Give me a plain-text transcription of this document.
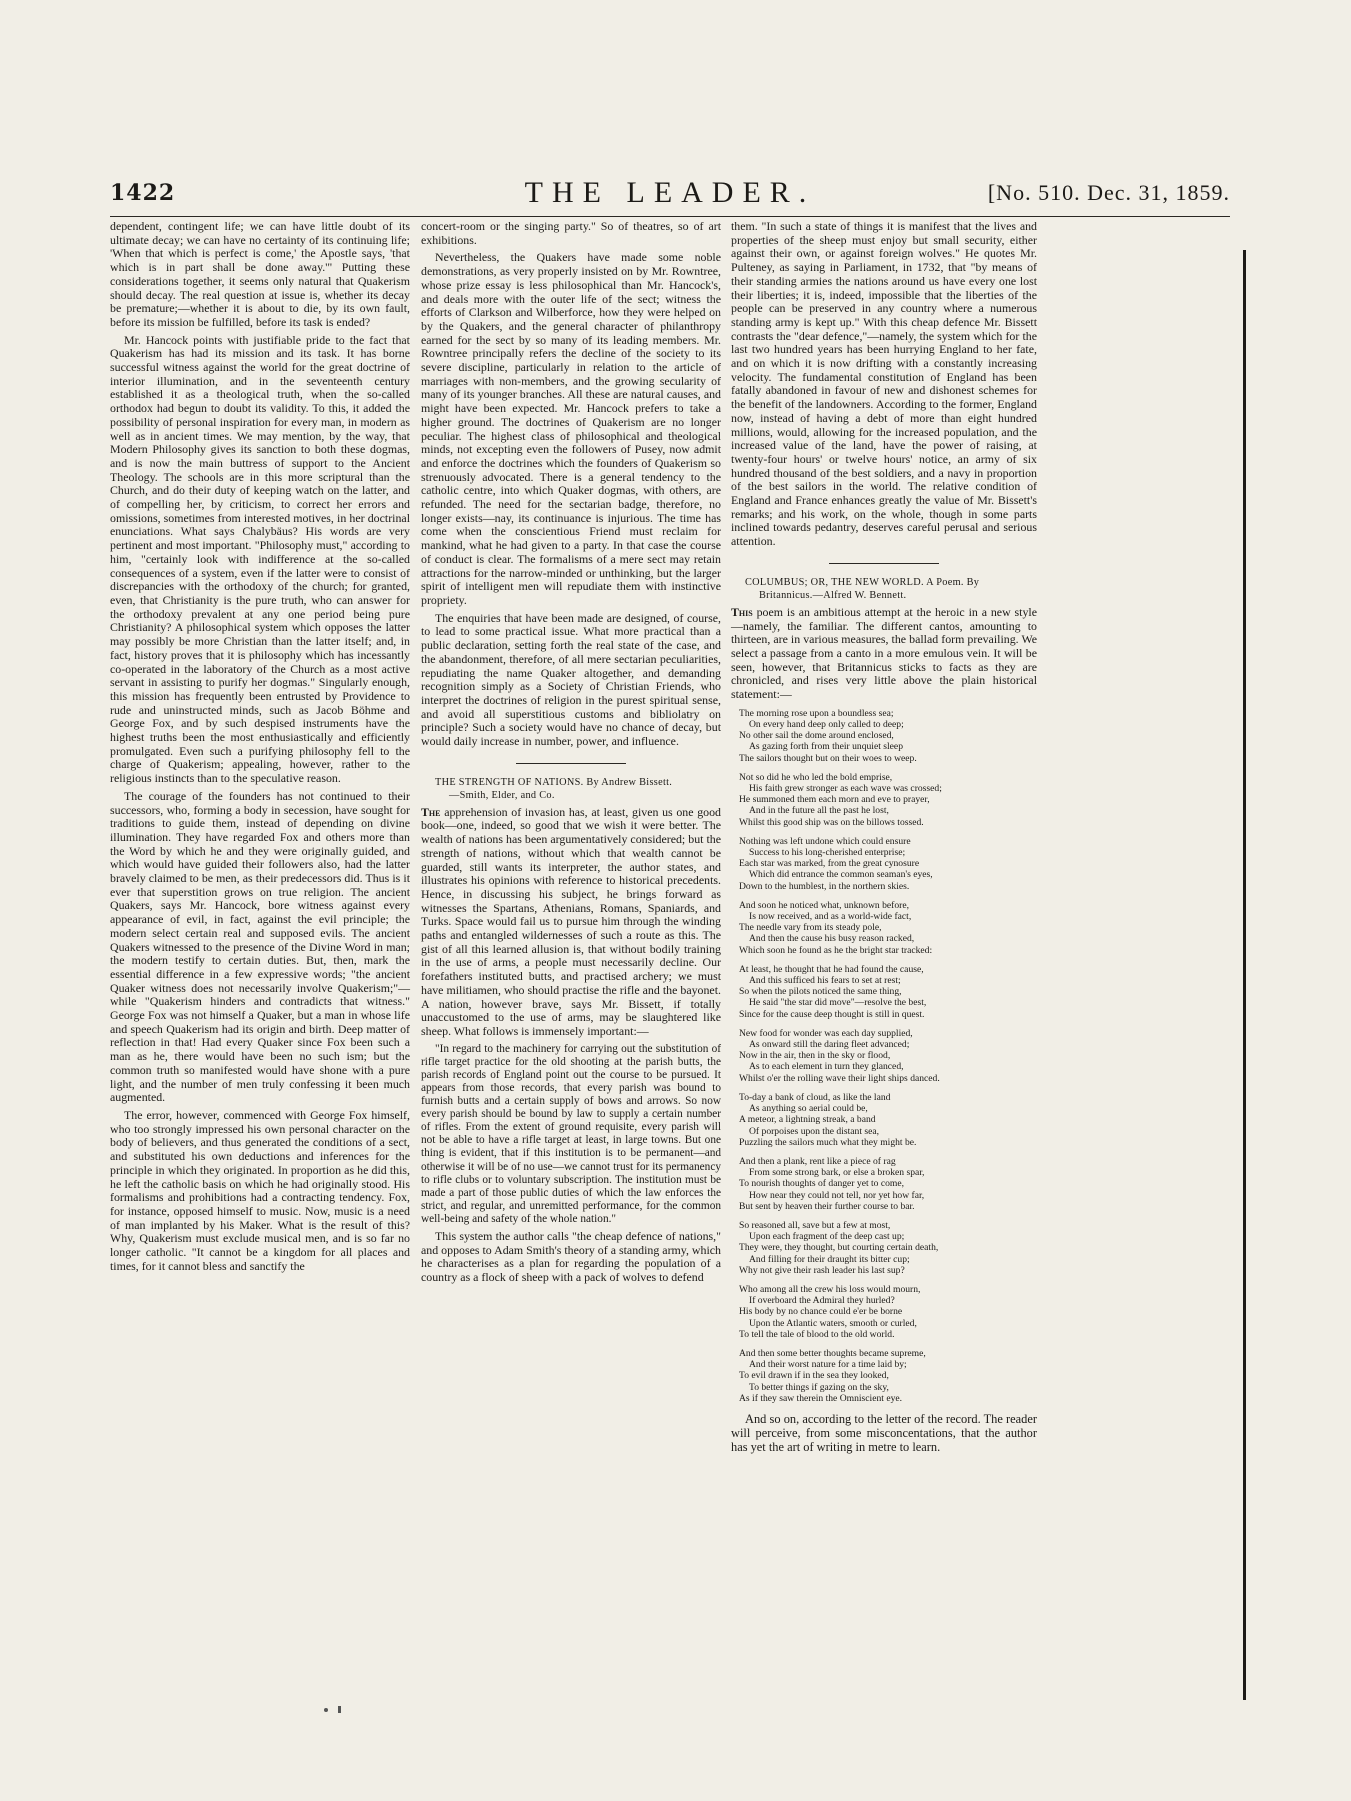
1422	THE LEADER.	[No. 510. Dec. 31, 1859.

dependent, contingent life; we can have little doubt of its ultimate decay; we can have no certainty of its continuing life; 'When that which is perfect is come,' the Apostle says, 'that which is in part shall be done away.'" Putting these considerations together, it seems only natural that Quakerism should decay. The real question at issue is, whether its decay be premature;—whether it is about to die, by its own fault, before its mission be fulfilled, before its task is ended?

Mr. Hancock points with justifiable pride to the fact that Quakerism has had its mission and its task. It has borne successful witness against the world for the great doctrine of interior illumination, and in the seventeenth century established it as a theological truth, when the so-called orthodox had begun to doubt its validity. To this, it added the possibility of personal inspiration for every man, in modern as well as in ancient times. We may mention, by the way, that Modern Philosophy gives its sanction to both these dogmas, and is now the main buttress of support to the Ancient Theology. The schools are in this more scriptural than the Church, and do their duty of keeping watch on the latter, and of compelling her, by criticism, to correct her errors and omissions, sometimes from interested motives, in her doctrinal enunciations. What says Chalybäus? His words are very pertinent and most important. "Philosophy must," according to him, "certainly look with indifference at the so-called consequences of a system, even if the latter were to consist of discrepancies with the orthodoxy of the church; for granted, even, that Christianity is the pure truth, who can answer for the orthodoxy prevalent at any one period being pure Christianity? A philosophical system which opposes the latter may possibly be more Christian than the latter itself; and, in fact, history proves that it is philosophy which has incessantly co-operated in the laboratory of the Church as a most active servant in assisting to purify her dogmas." Singularly enough, this mission has frequently been entrusted by Providence to rude and uninstructed minds, such as Jacob Böhme and George Fox, and by such despised instruments have the highest truths been the most enthusiastically and efficiently promulgated. Even such a purifying philosophy fell to the charge of Quakerism; appealing, however, rather to the religious instincts than to the speculative reason.

The courage of the founders has not continued to their successors, who, forming a body in secession, have sought for traditions to guide them, instead of depending on divine illumination. They have regarded Fox and others more than the Word by which he and they were originally guided, and which would have guided their followers also, had the latter bravely claimed to be men, as their predecessors did. Thus is it ever that superstition grows on true religion. The ancient Quakers, says Mr. Hancock, bore witness against every appearance of evil, in fact, against the evil principle; the modern select certain real and supposed evils. The ancient Quakers witnessed to the presence of the Divine Word in man; the modern testify to certain duties. But, then, mark the essential difference in a few expressive words; "the ancient Quaker witness does not necessarily involve Quakerism;"—while "Quakerism hinders and contradicts that witness." George Fox was not himself a Quaker, but a man in whose life and speech Quakerism had its origin and birth. Deep matter of reflection in that! Had every Quaker since Fox been such a man as he, there would have been no such ism; but the common truth so manifested would have shone with a pure light, and the number of men truly confessing it been much augmented.

The error, however, commenced with George Fox himself, who too strongly impressed his own personal character on the body of believers, and thus generated the conditions of a sect, and substituted his own deductions and inferences for the principle in which they originated. In proportion as he did this, he left the catholic basis on which he had originally stood. His formalisms and prohibitions had a contracting tendency. Fox, for instance, opposed himself to music. Now, music is a need of man implanted by his Maker. What is the result of this? Why, Quakerism must exclude musical men, and is so far no longer catholic. "It cannot be a kingdom for all places and times, for it cannot bless and sanctify the

concert-room or the singing party." So of theatres, so of art exhibitions.

Nevertheless, the Quakers have made some noble demonstrations, as very properly insisted on by Mr. Rowntree, whose prize essay is less philosophical than Mr. Hancock's, and deals more with the outer life of the sect; witness the efforts of Clarkson and Wilberforce, how they were helped on by the Quakers, and the general character of philanthropy earned for the sect by so many of its leading members. Mr. Rowntree principally refers the decline of the society to its severe discipline, particularly in relation to the article of marriages with non-members, and the growing secularity of many of its younger branches. All these are natural causes, and might have been expected. Mr. Hancock prefers to take a higher ground. The doctrines of Quakerism are no longer peculiar. The highest class of philosophical and theological minds, not excepting even the followers of Pusey, now admit and enforce the doctrines which the founders of Quakerism so strenuously advocated. There is a general tendency to the catholic centre, into which Quaker dogmas, with others, are refunded. The need for the sectarian badge, therefore, no longer exists—nay, its continuance is injurious. The time has come when the conscientious Friend must reclaim for mankind, what he had given to a party. In that case the course of conduct is clear. The formalisms of a mere sect may retain attractions for the narrow-minded or unthinking, but the larger spirit of intelligent men will repudiate them with instinctive propriety.

The enquiries that have been made are designed, of course, to lead to some practical issue. What more practical than a public declaration, setting forth the real state of the case, and the abandonment, therefore, of all mere sectarian peculiarities, repudiating the name Quaker altogether, and demanding recognition simply as a Society of Christian Friends, who interpret the doctrines of religion in the purest spiritual sense, and avoid all superstitious customs and bibliolatry on principle? Such a society would have no chance of decay, but would daily increase in number, power, and influence.

THE STRENGTH OF NATIONS. By Andrew Bissett.
—Smith, Elder, and Co.

The apprehension of invasion has, at least, given us one good book—one, indeed, so good that we wish it were better. The wealth of nations has been argumentatively considered; but the strength of nations, without which that wealth cannot be guarded, still wants its interpreter, the author states, and illustrates his opinions with reference to historical precedents. Hence, in discussing his subject, he brings forward as witnesses the Spartans, Athenians, Romans, Spaniards, and Turks. Space would fail us to pursue him through the winding paths and entangled wildernesses of such a route as this. The gist of all this learned allusion is, that without bodily training in the use of arms, a people must necessarily decline. Our forefathers instituted butts, and practised archery; we must have militiamen, who should practise the rifle and the bayonet. A nation, however brave, says Mr. Bissett, if totally unaccustomed to the use of arms, may be slaughtered like sheep. What follows is immensely important:—

"In regard to the machinery for carrying out the substitution of rifle target practice for the old shooting at the parish butts, the parish records of England point out the course to be pursued. It appears from those records, that every parish was bound to furnish butts and a certain supply of bows and arrows. So now every parish should be bound by law to supply a certain number of rifles. From the extent of ground requisite, every parish will not be able to have a rifle target at least, in large towns. But one thing is evident, that if this institution is to be permanent—and otherwise it will be of no use—we cannot trust for its permanency to rifle clubs or to voluntary subscription. The institution must be made a part of those public duties of which the law enforces the strict, and regular, and unremitted performance, for the common well-being and safety of the whole nation."

This system the author calls "the cheap defence of nations," and opposes to Adam Smith's theory of a standing army, which he characterises as a plan for regarding the population of a country as a flock of sheep with a pack of wolves to defend

them. "In such a state of things it is manifest that the lives and properties of the sheep must enjoy but small security, either against their own, or against foreign wolves." He quotes Mr. Pulteney, as saying in Parliament, in 1732, that "by means of their standing armies the nations around us have every one lost their liberties; it is, indeed, impossible that the liberties of the people can be preserved in any country where a numerous standing army is kept up." With this cheap defence Mr. Bissett contrasts the "dear defence,"—namely, the system which for the last two hundred years has been hurrying England to her fate, and on which it is now drifting with a constantly increasing velocity. The fundamental constitution of England has been fatally abandoned in favour of new and dishonest schemes for the benefit of the landowners. According to the former, England now, instead of having a debt of more than eight hundred millions, would, allowing for the increased population, and the increased value of the land, have the power of raising, at twenty-four hours' or twelve hours' notice, an army of six hundred thousand of the best soldiers, and a navy in proportion of the best sailors in the world. The relative condition of England and France enhances greatly the value of Mr. Bissett's remarks; and his work, on the whole, though in some parts inclined towards pedantry, deserves careful perusal and serious attention.

COLUMBUS; OR, THE NEW WORLD. A Poem. By
Britannicus.—Alfred W. Bennett.

This poem is an ambitious attempt at the heroic in a new style—namely, the familiar. The different cantos, amounting to thirteen, are in various measures, the ballad form prevailing. We select a passage from a canto in a more emulous vein. It will be seen, however, that Britannicus sticks to facts as they are chronicled, and rises very little above the plain historical statement:—

The morning rose upon a boundless sea;
On every hand deep only called to deep;
No other sail the dome around enclosed,
As gazing forth from their unquiet sleep
The sailors thought but on their woes to weep.
Not so did he who led the bold emprise,
His faith grew stronger as each wave was crossed;
He summoned them each morn and eve to prayer,
And in the future all the past he lost,
Whilst this good ship was on the billows tossed.
Nothing was left undone which could ensure
Success to his long-cherished enterprise;
Each star was marked, from the great cynosure
Which did entrance the common seaman's eyes,
Down to the humblest, in the northern skies.
And soon he noticed what, unknown before,
Is now received, and as a world-wide fact,
The needle vary from its steady pole,
And then the cause his busy reason racked,
Which soon he found as he the bright star tracked:
At least, he thought that he had found the cause,
And this sufficed his fears to set at rest;
So when the pilots noticed the same thing,
He said "the star did move"—resolve the best,
Since for the cause deep thought is still in quest.
New food for wonder was each day supplied,
As onward still the daring fleet advanced;
Now in the air, then in the sky or flood,
As to each element in turn they glanced,
Whilst o'er the rolling wave their light ships danced.
To-day a bank of cloud, as like the land
As anything so aerial could be,
A meteor, a lightning streak, a band
Of porpoises upon the distant sea,
Puzzling the sailors much what they might be.
And then a plank, rent like a piece of rag
From some strong bark, or else a broken spar,
To nourish thoughts of danger yet to come,
How near they could not tell, nor yet how far,
But sent by heaven their further course to bar.
So reasoned all, save but a few at most,
Upon each fragment of the deep cast up;
They were, they thought, but courting certain death,
And filling for their draught its bitter cup;
Why not give their rash leader his last sup?
Who among all the crew his loss would mourn,
If overboard the Admiral they hurled?
His body by no chance could e'er be borne
Upon the Atlantic waters, smooth or curled,
To tell the tale of blood to the old world.
And then some better thoughts became supreme,
And their worst nature for a time laid by;
To evil drawn if in the sea they looked,
To better things if gazing on the sky,
As if they saw therein the Omniscient eye.

And so on, according to the letter of the record. The reader will perceive, from some misconcentations, that the author has yet the art of writing in metre to learn.
